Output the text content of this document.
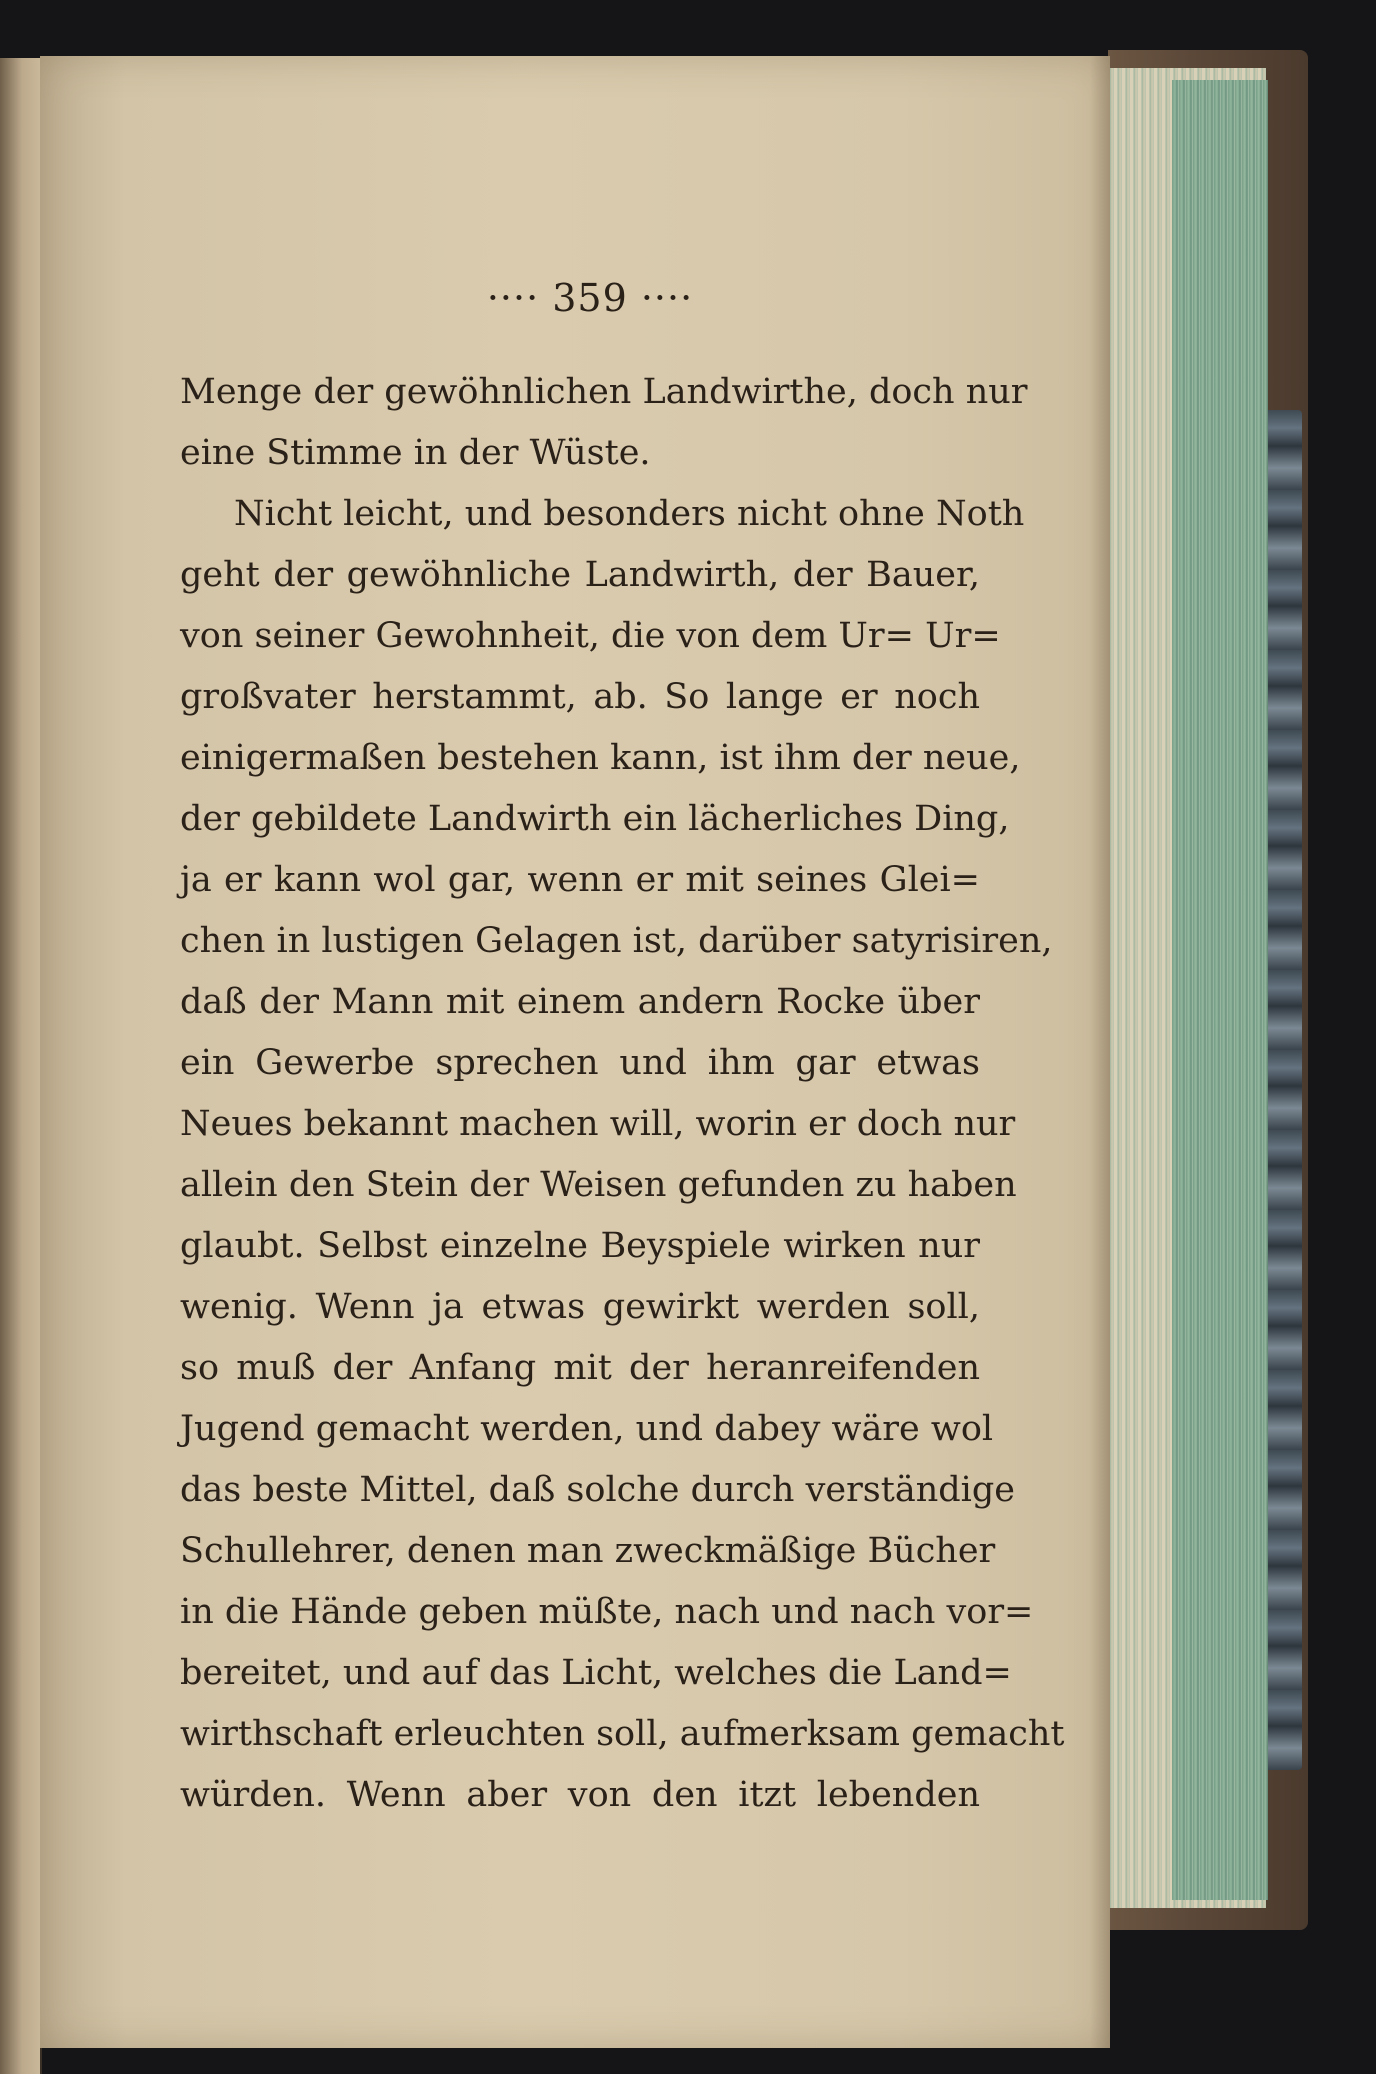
···· 359 ····
Menge der gewöhnlichen Landwirthe, doch nur
eine Stimme in der Wüste.
Nicht leicht, und besonders nicht ohne Noth
geht der gewöhnliche Landwirth, der Bauer,
von seiner Gewohnheit, die von dem Ur= Ur=
großvater herstammt, ab. So lange er noch
einigermaßen bestehen kann, ist ihm der neue,
der gebildete Landwirth ein lächerliches Ding,
ja er kann wol gar, wenn er mit seines Glei=
chen in lustigen Gelagen ist, darüber satyrisiren,
daß der Mann mit einem andern Rocke über
ein Gewerbe sprechen und ihm gar etwas
Neues bekannt machen will, worin er doch nur
allein den Stein der Weisen gefunden zu haben
glaubt. Selbst einzelne Beyspiele wirken nur
wenig. Wenn ja etwas gewirkt werden soll,
so muß der Anfang mit der heranreifenden
Jugend gemacht werden, und dabey wäre wol
das beste Mittel, daß solche durch verständige
Schullehrer, denen man zweckmäßige Bücher
in die Hände geben müßte, nach und nach vor=
bereitet, und auf das Licht, welches die Land=
wirthschaft erleuchten soll, aufmerksam gemacht
würden. Wenn aber von den itzt lebenden
